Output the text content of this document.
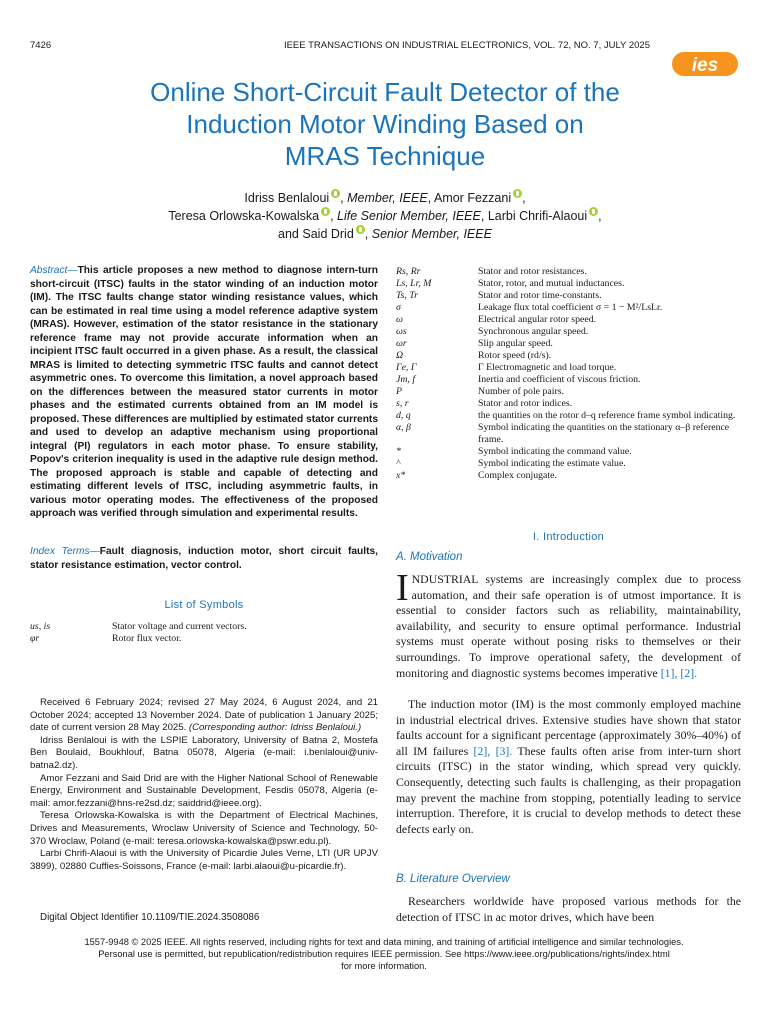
7426	IEEE TRANSACTIONS ON INDUSTRIAL ELECTRONICS, VOL. 72, NO. 7, JULY 2025
ies
Online Short-Circuit Fault Detector of the
Induction Motor Winding Based on
MRAS Technique
Idriss Benlaloui , Member, IEEE, Amor Fezzani ,
Teresa Orlowska-Kowalska , Life Senior Member, IEEE, Larbi Chrifi-Alaoui ,
and Said Drid , Senior Member, IEEE
Abstract—This article proposes a new method to diagnose intern-turn short-circuit (ITSC) faults in the stator winding of an induction motor (IM). The ITSC faults change stator winding resistance values, which can be estimated in real time using a model reference adaptive system (MRAS). However, estimation of the stator resistance in the stationary reference frame may not provide accurate information when an incipient ITSC fault occurred in a given phase. As a result, the classical MRAS is limited to detecting symmetric ITSC faults and cannot detect asymmetric ones. To overcome this limitation, a novel approach based on the differences between the measured stator currents in motor phases and the estimated currents obtained from an IM model is proposed. These differences are multiplied by estimated stator currents and used to develop an adaptive mechanism using proportional integral (PI) regulators in each motor phase. To ensure stability, Popov's criterion inequality is used in the adaptive rule design method. The proposed approach is stable and capable of detecting and estimating different levels of ITSC, including asymmetric faults, in various motor operating modes. The effectiveness of the proposed approach was verified through simulation and experimental results.
Index Terms—Fault diagnosis, induction motor, short circuit faults, stator resistance estimation, vector control.
List of Symbols
us, is	Stator voltage and current vectors.
φr	Rotor flux vector.
Rs, Rr	Stator and rotor resistances.
Ls, Lr, M	Stator, rotor, and mutual inductances.
Ts, Tr	Stator and rotor time-constants.
σ	Leakage flux total coefficient σ = 1 − M²/LsLr.
ω	Electrical angular rotor speed.
ωs	Synchronous angular speed.
ωr	Slip angular speed.
Ω	Rotor speed (rd/s).
Γe, Γ	Γ Electromagnetic and load torque.
Jm, f	Inertia and coefficient of viscous friction.
P	Number of pole pairs.
s, r	Stator and rotor indices.
d, q	the quantities on the rotor d–q reference frame symbol indicating.
α, β	Symbol indicating the quantities on the stationary α–β reference frame.
*	Symbol indicating the command value.
^	Symbol indicating the estimate value.
x*	Complex conjugate.
I. Introduction
A. Motivation
INDUSTRIAL systems are increasingly complex due to process automation, and their safe operation is of utmost importance. It is essential to consider factors such as reliability, maintainability, availability, and security to ensure optimal performance. Industrial systems must operate without posing risks to themselves or their surroundings. To improve operational safety, the development of monitoring and diagnostic systems becomes imperative [1], [2].
The induction motor (IM) is the most commonly employed machine in industrial electrical drives. Extensive studies have shown that stator faults account for a significant percentage (approximately 30%–40%) of all IM failures [2], [3]. These faults often arise from inter-turn short circuits (ITSC) in the stator winding, which spread very quickly. Consequently, detecting such faults is challenging, as their propagation may prevent the machine from stopping, potentially leading to service interruption. Therefore, it is crucial to develop methods to detect these defects early on.
B. Literature Overview
Researchers worldwide have proposed various methods for the detection of ITSC in ac motor drives, which have been

Received 6 February 2024; revised 27 May 2024, 6 August 2024, and 21 October 2024; accepted 13 November 2024. Date of publication 1 January 2025; date of current version 28 May 2025. (Corresponding author: Idriss Benlaloui.)

Idriss Benlaloui is with the LSPIE Laboratory, University of Batna 2, Mostefa Ben Boulaid, Boukhlouf, Batna 05078, Algeria (e-mail: i.benlaloui@univ-batna2.dz).

Amor Fezzani and Said Drid are with the Higher National School of Renewable Energy, Environment and Sustainable Development, Fesdis 05078, Algeria (e-mail: amor.fezzani@hns-re2sd.dz; saiddrid@ieee.org).

Teresa Orlowska-Kowalska is with the Department of Electrical Machines, Drives and Measurements, Wroclaw University of Science and Technology, 50-370 Wroclaw, Poland (e-mail: teresa.orlowska-kowalska@pswr.edu.pl).

Larbi Chrifi-Alaoui is with the University of Picardie Jules Verne, LTI (UR UPJV 3899), 02880 Cuffies-Soissons, France (e-mail: larbi.alaoui@u-picardie.fr).

Digital Object Identifier 10.1109/TIE.2024.3508086
1557-9948 © 2025 IEEE. All rights reserved, including rights for text and data mining, and training of artificial intelligence and similar technologies.
Personal use is permitted, but republication/redistribution requires IEEE permission. See https://www.ieee.org/publications/rights/index.html
for more information.
